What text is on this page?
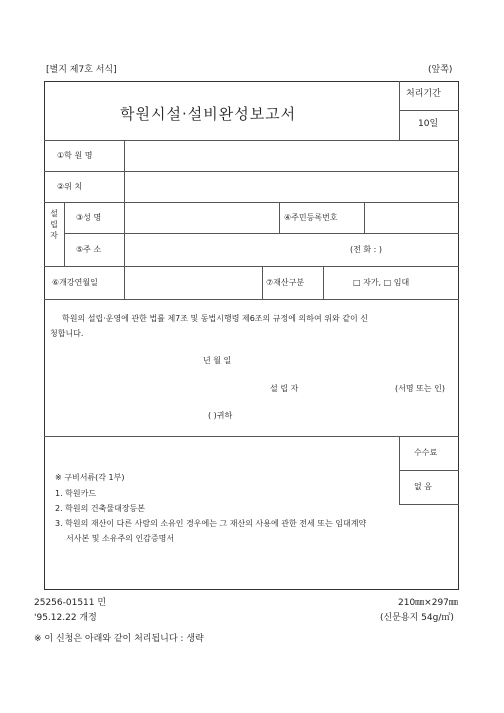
[별지 제7호 서식]	(앞쪽)
학원시설·설비완성보고서
처리기간
10일
①학 원 명
②위 치
설립자
③성 명	④주민등록번호
⑤주 소	(전 화 : )
⑥개강연월일	⑦재산구분	□ 자가, □ 임대
학원의 설립·운영에 관한 법률 제7조 및 동법시행령 제6조의 규정에 의하여 위와 같이 신
청합니다.
년 월 일
설 립 자	(서명 또는 인)
( )귀하
수수료
없 음
※ 구비서류(각 1부)
1. 학원카드
2. 학원의 건축물대장등본
3. 학원의 재산이 다른 사람의 소유인 경우에는 그 재산의 사용에 관한 전세 또는 임대계약
서사본 및 소유주의 인감증명서
25256-01511 민	210㎜×297㎜
'95.12.22 개정	(신문용지 54g/㎡)
※ 이 신청은 아래와 같이 처리됩니다 : 생략
